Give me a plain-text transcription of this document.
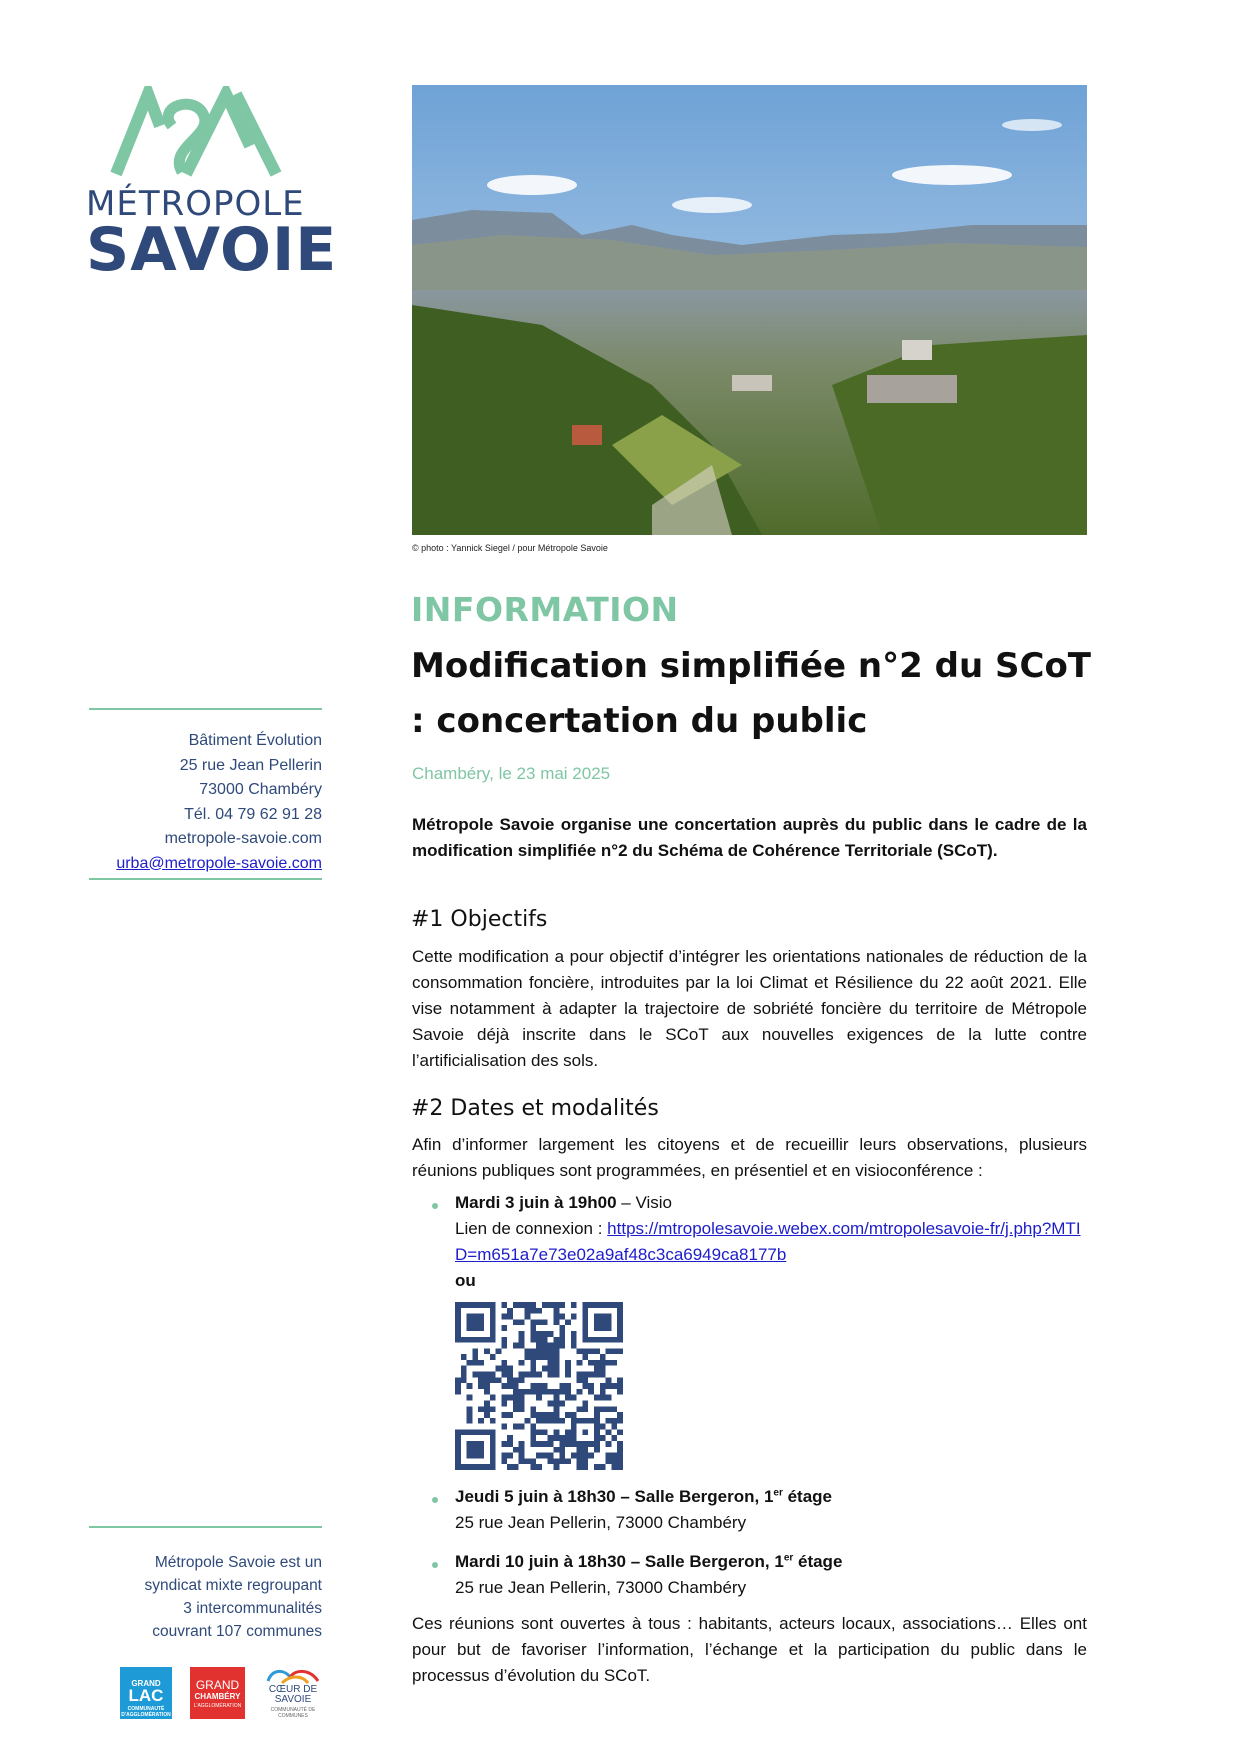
MÉTROPOLE
SAVOIE
Bâtiment Évolution
25 rue Jean Pellerin
73000 Chambéry
Tél. 04 79 62 91 28
metropole-savoie.com
urba@metropole-savoie.com
Métropole Savoie est un
syndicat mixte regroupant
3 intercommunalités
couvrant 107 communes
GRAND
LAC
COMMUNAUTÉ D'AGGLOMÉRATION
GRAND
CHAMBÉRY
L'AGGLOMÉRATION
CŒUR DE SAVOIE
COMMUNAUTÉ DE COMMUNES
© photo : Yannick Siegel / pour Métropole Savoie
INFORMATION
Modification simplifiée n°2 du SCoT : concertation du public
Chambéry, le 23 mai 2025

Métropole Savoie organise une concertation auprès du public dans le cadre de la modification simplifiée n°2 du Schéma de Cohérence Territoriale (SCoT).

#1 Objectifs

Cette modification a pour objectif d’intégrer les orientations nationales de réduction de la consommation foncière, introduites par la loi Climat et Résilience du 22 août 2021. Elle vise notamment à adapter la trajectoire de sobriété foncière du territoire de Métropole Savoie déjà inscrite dans le SCoT aux nouvelles exigences de la lutte contre l’artificialisation des sols.

#2 Dates et modalités

Afin d’informer largement les citoyens et de recueillir leurs observations, plusieurs réunions publiques sont programmées, en présentiel et en visioconférence :

Mardi 3 juin à 19h00 – Visio
Lien de connexion : https://mtropolesavoie.webex.com/mtropolesavoie-fr/j.php?MTID=m651a7e73e02a9af48c3ca6949ca8177b
ou
Jeudi 5 juin à 18h30 – Salle Bergeron, 1er étage
25 rue Jean Pellerin, 73000 Chambéry
Mardi 10 juin à 18h30 – Salle Bergeron, 1er étage
25 rue Jean Pellerin, 73000 Chambéry

Ces réunions sont ouvertes à tous : habitants, acteurs locaux, associations… Elles ont pour but de favoriser l’information, l’échange et la participation du public dans le processus d’évolution du SCoT.
